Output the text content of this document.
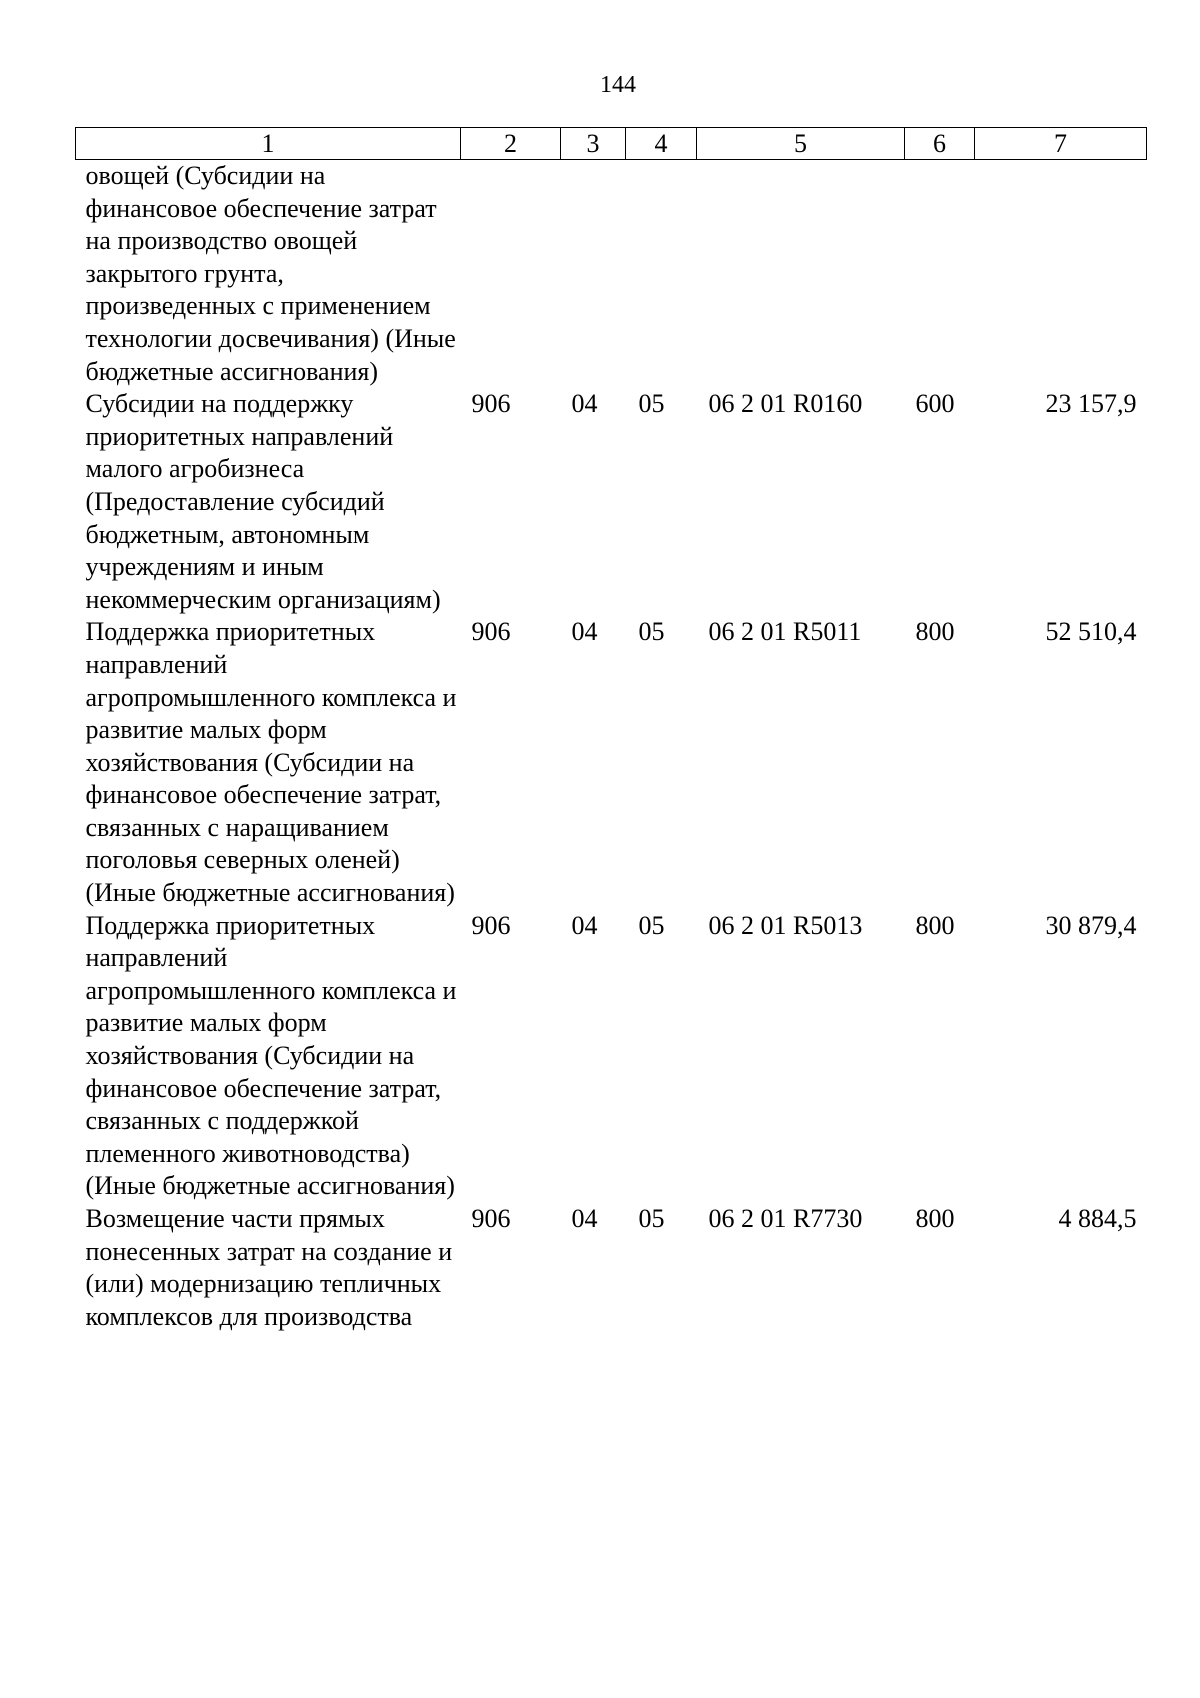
144
1	2	3	4	5	6	7
овощей (Субсидии на финансовое обеспечение затрат на производство овощей закрытого грунта, произведенных с применением технологии досвечивания) (Иные бюджетные ассигнования)						
Субсидии на поддержку приоритетных направлений малого агробизнеса (Предоставление субсидий бюджетным, автономным учреждениям и иным некоммерческим организациям)	906	04	05	06 2 01 R0160	600	23 157,9
Поддержка приоритетных направлений агропромышленного комплекса и развитие малых форм хозяйствования (Субсидии на финансовое обеспечение затрат, связанных с наращиванием поголовья северных оленей) (Иные бюджетные ассигнования)	906	04	05	06 2 01 R5011	800	52 510,4
Поддержка приоритетных направлений агропромышленного комплекса и развитие малых форм хозяйствования (Субсидии на финансовое обеспечение затрат, связанных с поддержкой племенного животноводства) (Иные бюджетные ассигнования)	906	04	05	06 2 01 R5013	800	30 879,4
Возмещение части прямых понесенных затрат на создание и (или) модернизацию тепличных комплексов для производства	906	04	05	06 2 01 R7730	800	4 884,5
